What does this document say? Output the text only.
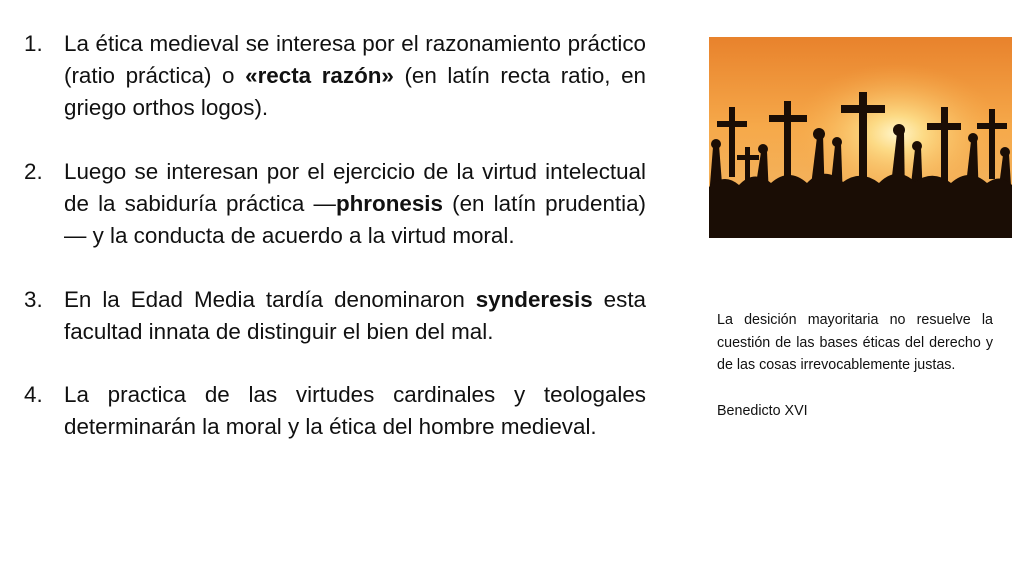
1. La ética medieval se interesa por el razonamiento práctico (ratio práctica) o «recta razón» (en latín recta ratio, en griego orthos logos).
2. Luego se interesan por el ejercicio de la virtud intelectual de la sabiduría práctica —phronesis (en latín prudentia)— y la conducta de acuerdo a la virtud moral.
3. En la Edad Media tardía denominaron synderesis esta facultad innata de distinguir el bien del mal.
4. La practica de las virtudes cardinales y teologales determinarán la moral y la ética del hombre medieval.

La desición mayoritaria no resuelve la cuestión de las bases éticas del derecho y de las cosas irrevocablemente justas.

Benedicto XVI
